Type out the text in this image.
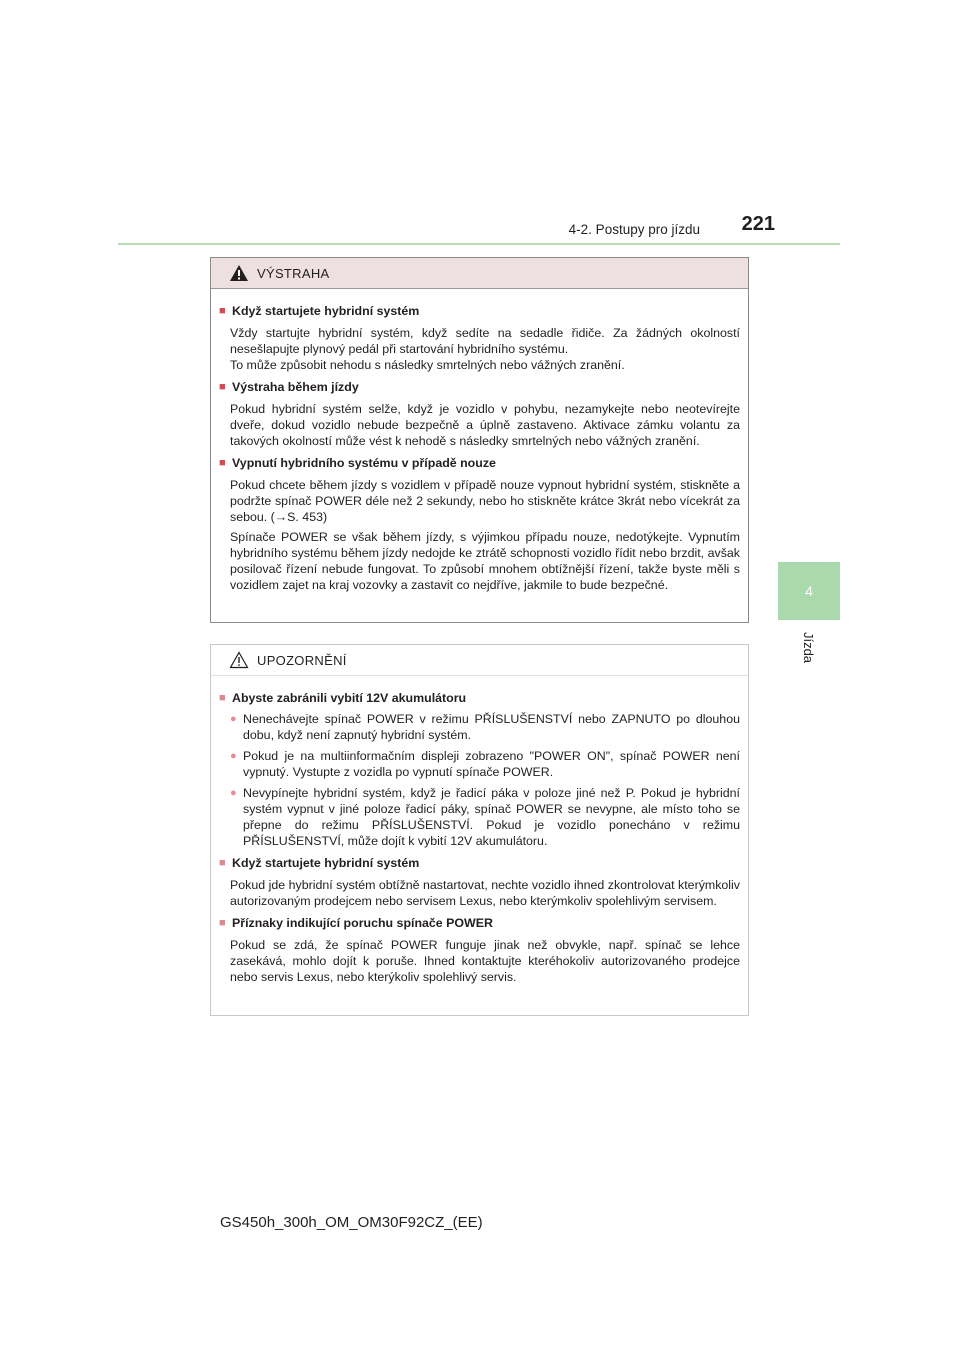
4-2. Postupy pro jízdu	221
4
Jízda
VÝSTRAHA
■ Když startujete hybridní systém
Vždy startujte hybridní systém, když sedíte na sedadle řidiče. Za žádných okolností nesešlapujte plynový pedál při startování hybridního systému.
To může způsobit nehodu s následky smrtelných nebo vážných zranění.
■ Výstraha během jízdy
Pokud hybridní systém selže, když je vozidlo v pohybu, nezamykejte nebo neotevírejte dveře, dokud vozidlo nebude bezpečně a úplně zastaveno. Aktivace zámku volantu za takových okolností může vést k nehodě s následky smrtelných nebo vážných zranění.
■ Vypnutí hybridního systému v případě nouze
Pokud chcete během jízdy s vozidlem v případě nouze vypnout hybridní systém, stiskněte a podržte spínač POWER déle než 2 sekundy, nebo ho stiskněte krátce 3krát nebo vícekrát za sebou. (→S. 453)
Spínače POWER se však během jízdy, s výjimkou případu nouze, nedotýkejte. Vypnutím hybridního systému během jízdy nedojde ke ztrátě schopnosti vozidlo řídit nebo brzdit, avšak posilovač řízení nebude fungovat. To způsobí mnohem obtížnější řízení, takže byste měli s vozidlem zajet na kraj vozovky a zastavit co nejdříve, jakmile to bude bezpečné.
UPOZORNĚNÍ
■ Abyste zabránili vybití 12V akumulátoru
● Nenechávejte spínač POWER v režimu PŘÍSLUŠENSTVÍ nebo ZAPNUTO po dlouhou dobu, když není zapnutý hybridní systém.
● Pokud je na multiinformačním displeji zobrazeno "POWER ON", spínač POWER není vypnutý. Vystupte z vozidla po vypnutí spínače POWER.
● Nevypínejte hybridní systém, když je řadicí páka v poloze jiné než P. Pokud je hybridní systém vypnut v jiné poloze řadicí páky, spínač POWER se nevypne, ale místo toho se přepne do režimu PŘÍSLUŠENSTVÍ. Pokud je vozidlo ponecháno v režimu PŘÍSLUŠENSTVÍ, může dojít k vybití 12V akumulátoru.
■ Když startujete hybridní systém
Pokud jde hybridní systém obtížně nastartovat, nechte vozidlo ihned zkontrolovat kterýmkoliv autorizovaným prodejcem nebo servisem Lexus, nebo kterýmkoliv spolehlivým servisem.
■ Příznaky indikující poruchu spínače POWER
Pokud se zdá, že spínač POWER funguje jinak než obvykle, např. spínač se lehce zasekává, mohlo dojít k poruše. Ihned kontaktujte kteréhokoliv autorizovaného prodejce nebo servis Lexus, nebo kterýkoliv spolehlivý servis.
GS450h_300h_OM_OM30F92CZ_(EE)
